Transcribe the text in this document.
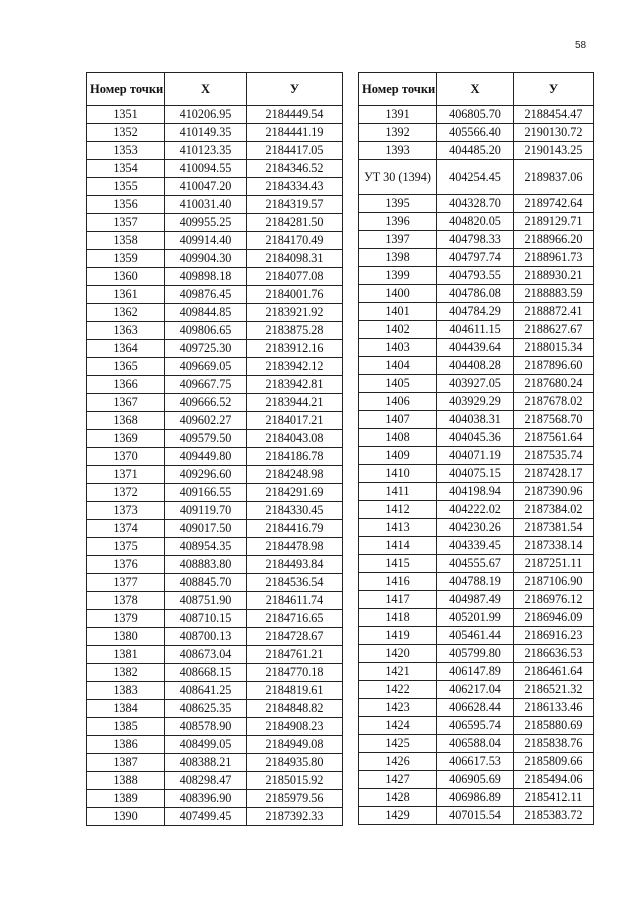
58
Номер точки	X	У
1351	410206.95	2184449.54
1352	410149.35	2184441.19
1353	410123.35	2184417.05
1354	410094.55	2184346.52
1355	410047.20	2184334.43
1356	410031.40	2184319.57
1357	409955.25	2184281.50
1358	409914.40	2184170.49
1359	409904.30	2184098.31
1360	409898.18	2184077.08
1361	409876.45	2184001.76
1362	409844.85	2183921.92
1363	409806.65	2183875.28
1364	409725.30	2183912.16
1365	409669.05	2183942.12
1366	409667.75	2183942.81
1367	409666.52	2183944.21
1368	409602.27	2184017.21
1369	409579.50	2184043.08
1370	409449.80	2184186.78
1371	409296.60	2184248.98
1372	409166.55	2184291.69
1373	409119.70	2184330.45
1374	409017.50	2184416.79
1375	408954.35	2184478.98
1376	408883.80	2184493.84
1377	408845.70	2184536.54
1378	408751.90	2184611.74
1379	408710.15	2184716.65
1380	408700.13	2184728.67
1381	408673.04	2184761.21
1382	408668.15	2184770.18
1383	408641.25	2184819.61
1384	408625.35	2184848.82
1385	408578.90	2184908.23
1386	408499.05	2184949.08
1387	408388.21	2184935.80
1388	408298.47	2185015.92
1389	408396.90	2185979.56
1390	407499.45	2187392.33
Номер точки	X	У
1391	406805.70	2188454.47
1392	405566.40	2190130.72
1393	404485.20	2190143.25
УТ 30 (1394)	404254.45	2189837.06
1395	404328.70	2189742.64
1396	404820.05	2189129.71
1397	404798.33	2188966.20
1398	404797.74	2188961.73
1399	404793.55	2188930.21
1400	404786.08	2188883.59
1401	404784.29	2188872.41
1402	404611.15	2188627.67
1403	404439.64	2188015.34
1404	404408.28	2187896.60
1405	403927.05	2187680.24
1406	403929.29	2187678.02
1407	404038.31	2187568.70
1408	404045.36	2187561.64
1409	404071.19	2187535.74
1410	404075.15	2187428.17
1411	404198.94	2187390.96
1412	404222.02	2187384.02
1413	404230.26	2187381.54
1414	404339.45	2187338.14
1415	404555.67	2187251.11
1416	404788.19	2187106.90
1417	404987.49	2186976.12
1418	405201.99	2186946.09
1419	405461.44	2186916.23
1420	405799.80	2186636.53
1421	406147.89	2186461.64
1422	406217.04	2186521.32
1423	406628.44	2186133.46
1424	406595.74	2185880.69
1425	406588.04	2185838.76
1426	406617.53	2185809.66
1427	406905.69	2185494.06
1428	406986.89	2185412.11
1429	407015.54	2185383.72
